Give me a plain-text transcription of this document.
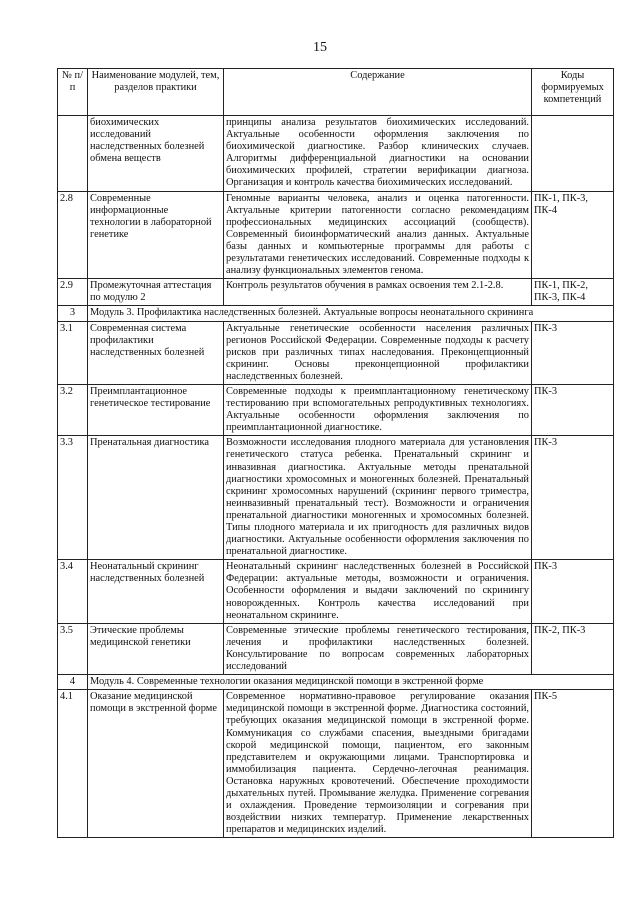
15
№ п/п	Наименование модулей, тем, разделов практики	Содержание	Коды формируемых компетенций
	биохимических исследований наследственных болезней обмена веществ	принципы анализа результатов биохимических исследований. Актуальные особенности оформления заключения по биохимической диагностике. Разбор клинических случаев. Алгоритмы дифференциальной диагностики на основании биохимических профилей, стратегии верификации диагноза. Организация и контроль качества биохимических исследований.	
2.8	Современные информационные технологии в лабораторной генетике	Геномные варианты человека, анализ и оценка патогенности. Актуальные критерии патогенности согласно рекомендациям профессиональных медицинских ассоциаций (сообществ). Современный биоинформатический анализ данных. Актуальные базы данных и компьютерные программы для работы с результатами генетических исследований. Современные подходы к анализу функциональных элементов генома.	ПК-1, ПК-3, ПК-4
2.9	Промежуточная аттестация по модулю 2	Контроль результатов обучения в рамках освоения тем 2.1-2.8.	ПК-1, ПК-2, ПК-3, ПК-4
3	Модуль 3. Профилактика наследственных болезней. Актуальные вопросы неонатального скрининга		
3.1	Современная система профилактики наследственных болезней	Актуальные генетические особенности населения различных регионов Российской Федерации. Современные подходы к расчету рисков при различных типах наследования. Преконцепционный скрининг. Основы преконцепционной профилактики наследственных болезней.	ПК-3
3.2	Преимплантационное генетическое тестирование	Современные подходы к преимплантационному генетическому тестированию при вспомогательных репродуктивных технологиях. Актуальные особенности оформления заключения по преимплантационной диагностике.	ПК-3
3.3	Пренатальная диагностика	Возможности исследования плодного материала для установления генетического статуса ребенка. Пренатальный скрининг и инвазивная диагностика. Актуальные методы пренатальной диагностики хромосомных и моногенных болезней. Пренатальный скрининг хромосомных нарушений (скрининг первого триместра, неинвазивный пренатальный тест). Возможности и ограничения пренатальной диагностики моногенных и хромосомных болезней. Типы плодного материала и их пригодность для различных видов диагностики. Актуальные особенности оформления заключения по пренатальной диагностике.	ПК-3
3.4	Неонатальный скрининг наследственных болезней	Неонатальный скрининг наследственных болезней в Российской Федерации: актуальные методы, возможности и ограничения. Особенности оформления и выдачи заключений по скринингу новорожденных. Контроль качества исследований при неонатальном скрининге.	ПК-3
3.5	Этические проблемы медицинской генетики	Современные этические проблемы генетического тестирования, лечения и профилактики наследственных болезней. Консультирование по вопросам современных лабораторных исследований	ПК-2, ПК-3
4	Модуль 4. Современные технологии оказания медицинской помощи в экстренной форме		
4.1	Оказание медицинской помощи в экстренной форме	Современное нормативно-правовое регулирование оказания медицинской помощи в экстренной форме. Диагностика состояний, требующих оказания медицинской помощи в экстренной форме. Коммуникация со службами спасения, выездными бригадами скорой медицинской помощи, пациентом, его законным представителем и окружающими лицами. Транспортировка и иммобилизация пациента. Сердечно-легочная реанимация. Остановка наружных кровотечений. Обеспечение проходимости дыхательных путей. Промывание желудка. Применение согревания и охлаждения. Проведение термоизоляции и согревания при воздействии низких температур. Применение лекарственных препаратов и медицинских изделий.	ПК-5
